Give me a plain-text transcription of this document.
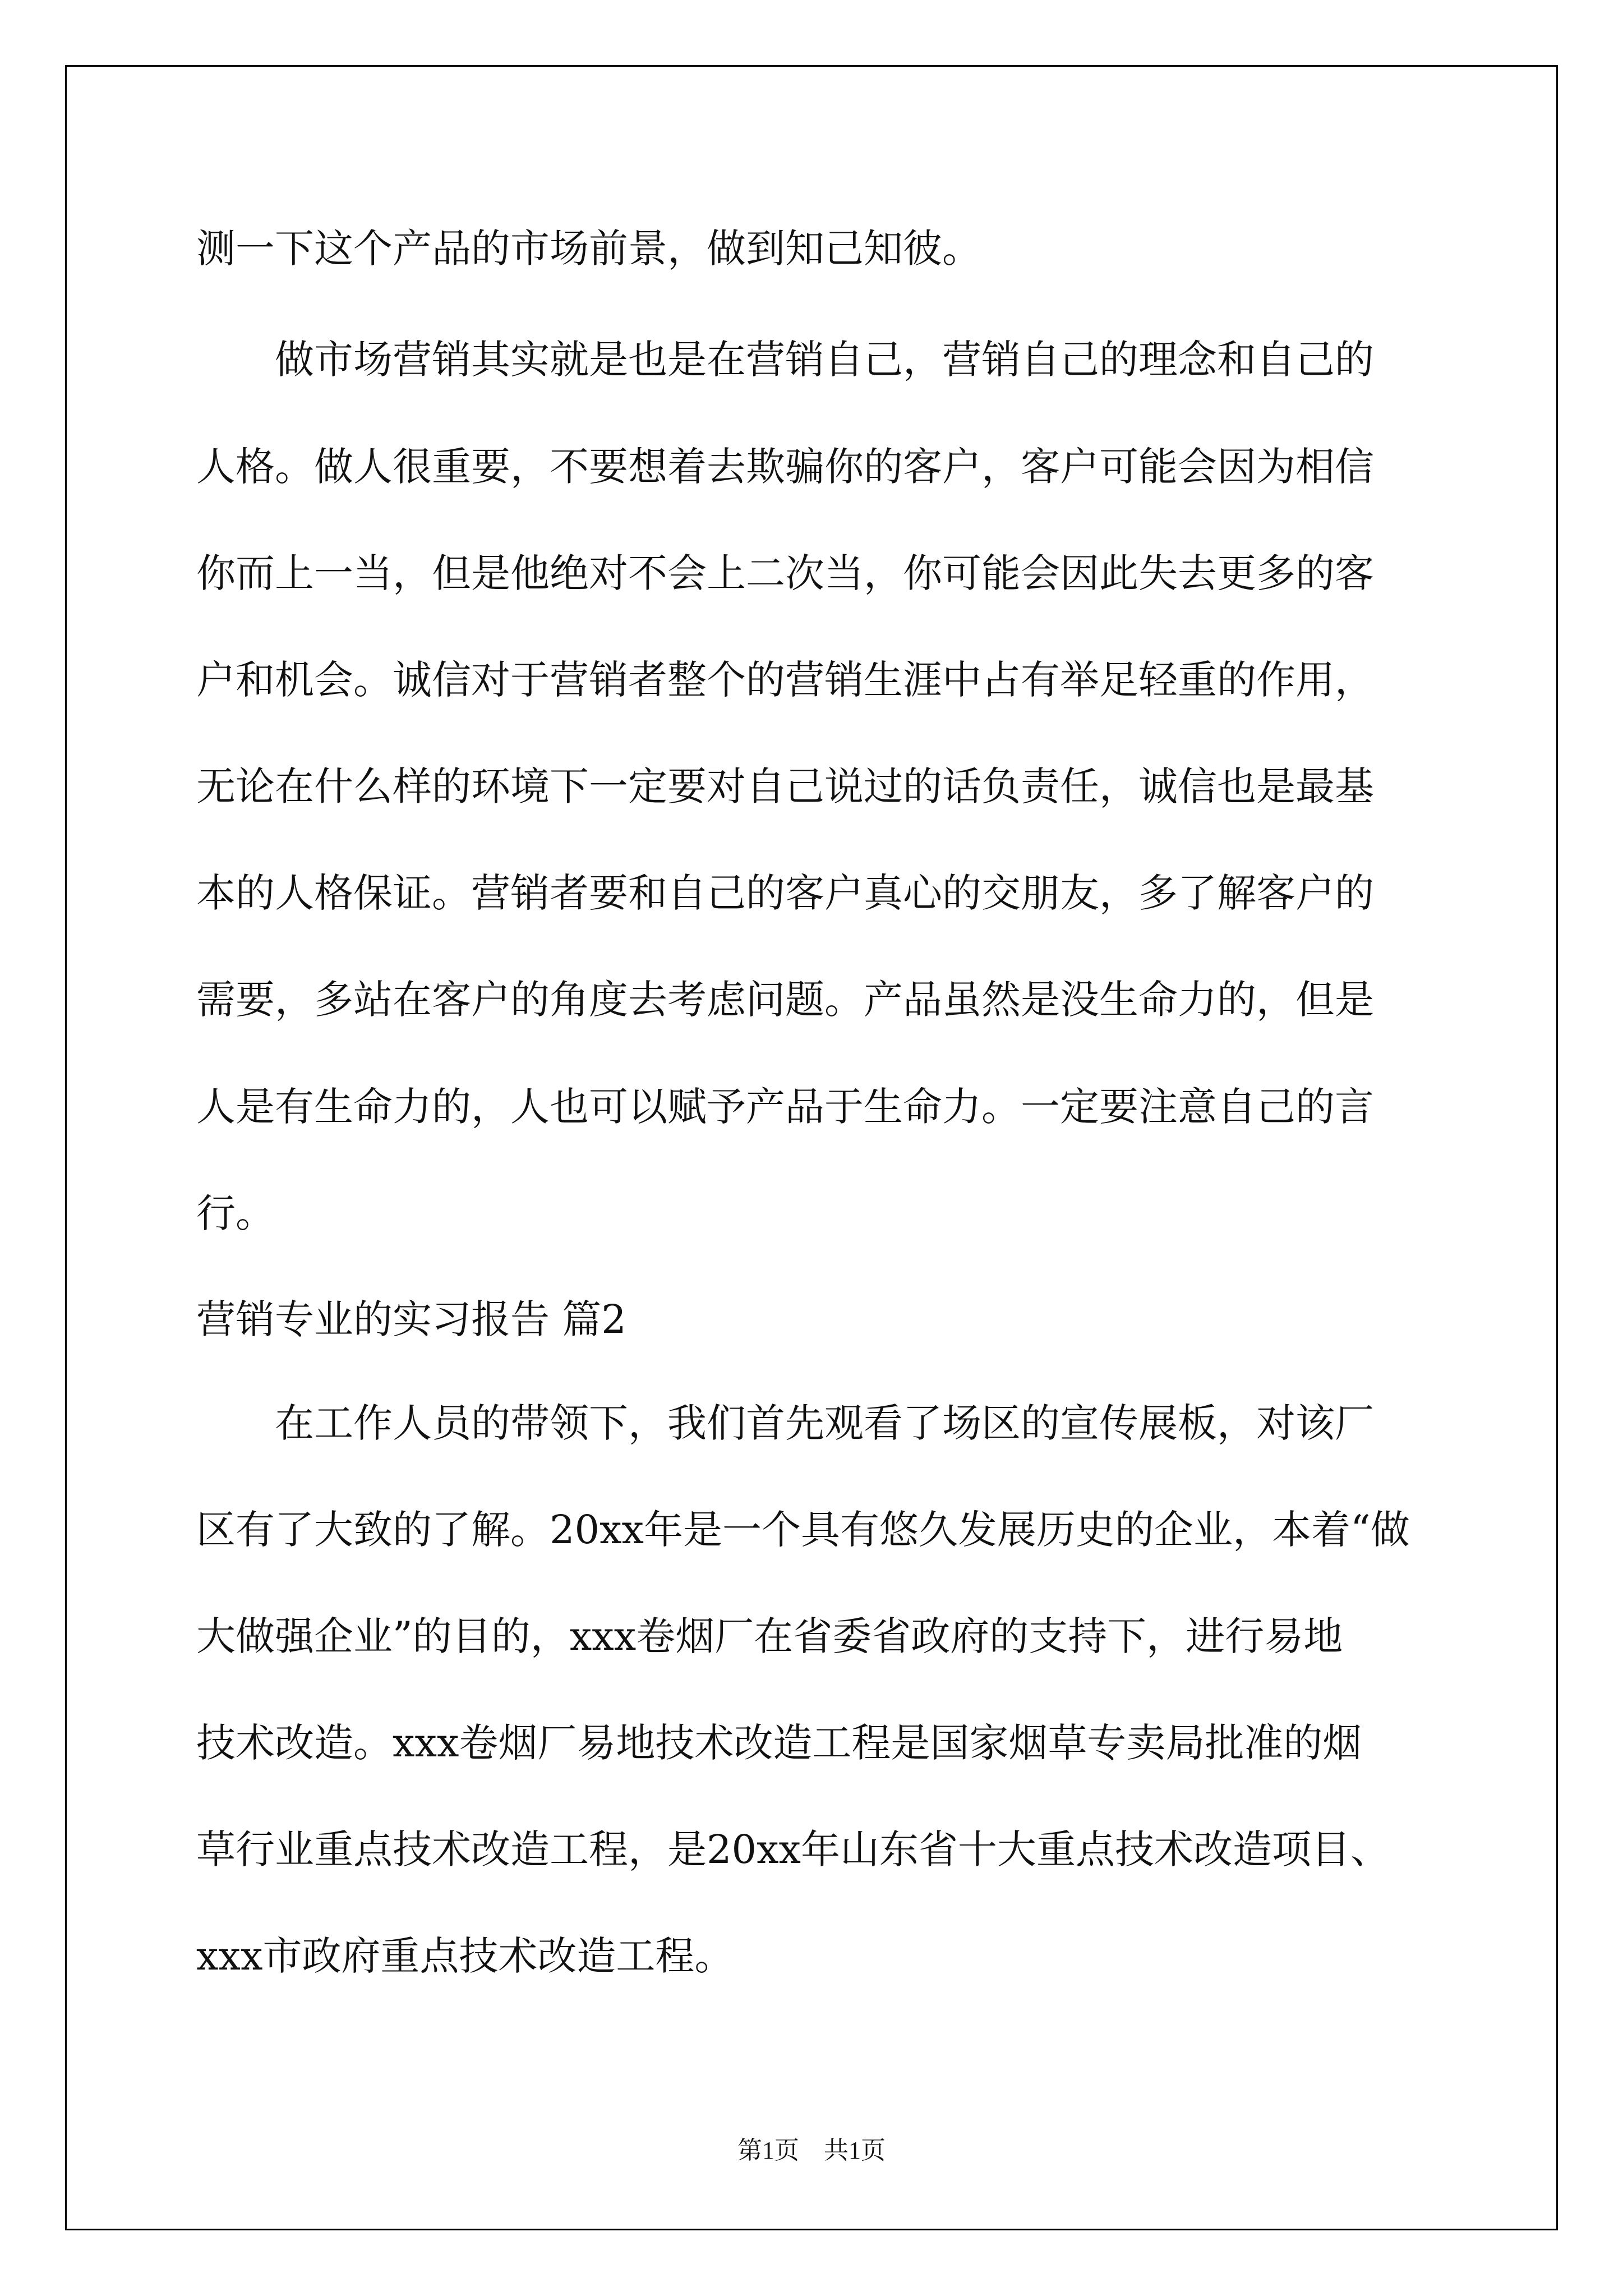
测一下这个产品的市场前景，做到知己知彼。
　　做市场营销其实就是也是在营销自己，营销自己的理念和自己的
人格。做人很重要，不要想着去欺骗你的客户，客户可能会因为相信
你而上一当，但是他绝对不会上二次当，你可能会因此失去更多的客
户和机会。诚信对于营销者整个的营销生涯中占有举足轻重的作用，
无论在什么样的环境下一定要对自己说过的话负责任，诚信也是最基
本的人格保证。营销者要和自己的客户真心的交朋友，多了解客户的
需要，多站在客户的角度去考虑问题。产品虽然是没生命力的，但是
人是有生命力的，人也可以赋予产品于生命力。一定要注意自己的言
行。
营销专业的实习报告 篇2
　　在工作人员的带领下，我们首先观看了场区的宣传展板，对该厂
区有了大致的了解。20xx年是一个具有悠久发展历史的企业，本着“做
大做强企业”的目的，xxx卷烟厂在省委省政府的支持下，进行易地
技术改造。xxx卷烟厂易地技术改造工程是国家烟草专卖局批准的烟
草行业重点技术改造工程，是20xx年山东省十大重点技术改造项目、
xxx市政府重点技术改造工程。
第1页　共1页
